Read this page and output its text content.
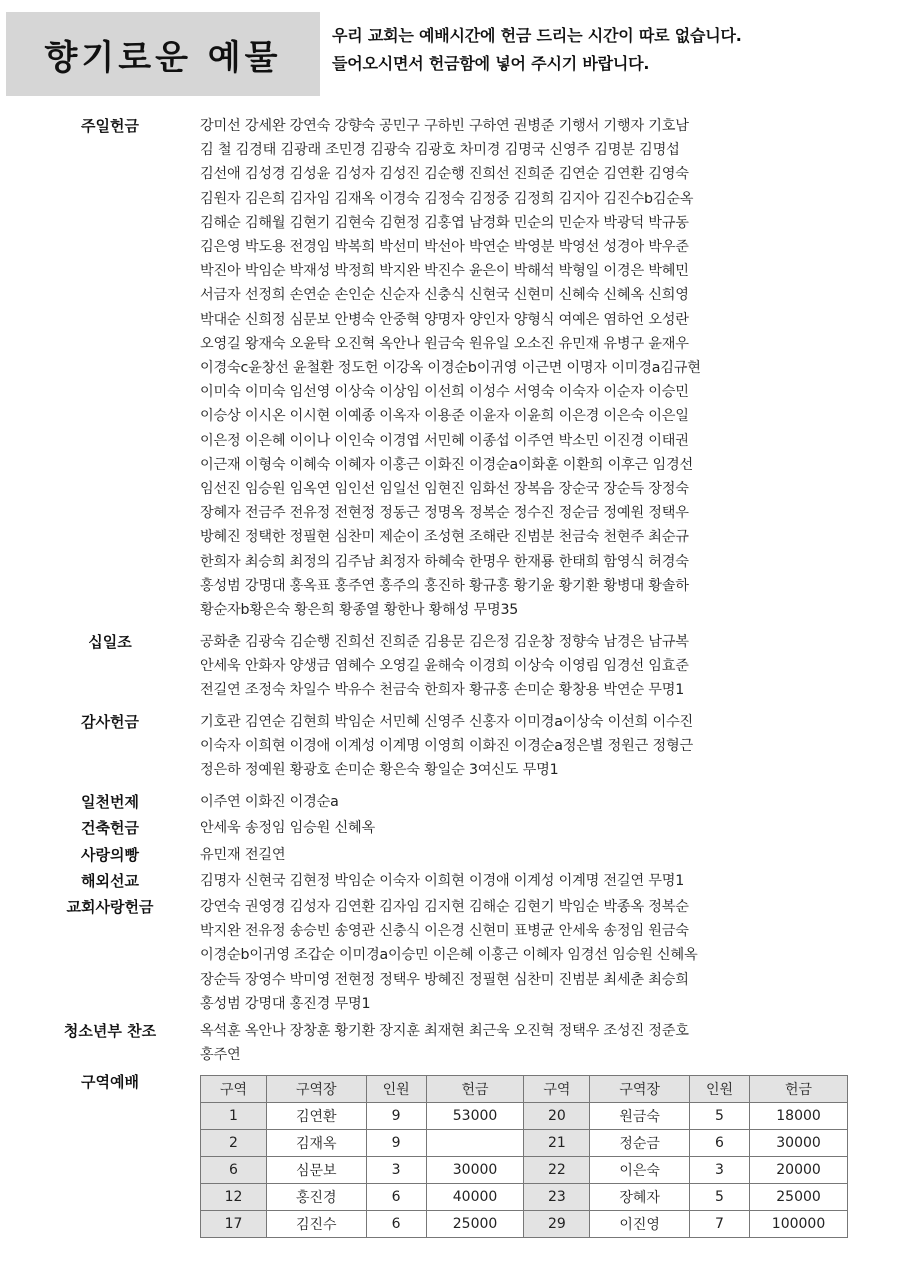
향기로운 예물
우리 교회는 예배시간에 헌금 드리는 시간이 따로 없습니다.
들어오시면서 헌금함에 넣어 주시기 바랍니다.
주일헌금	강미선 강세완 강연숙 강향숙 공민구 구하빈 구하연 권병준 기행서 기행자 기호남
김 철 김경태 김광래 조민경 김광숙 김광호 차미경 김명국 신영주 김명분 김명섭
김선애 김성경 김성윤 김성자 김성진 김순행 진희선 진희준 김연순 김연환 김영숙
김원자 김은희 김자임 김재옥 이경숙 김정숙 김정중 김정희 김지아 김진수b김순옥
김해순 김해월 김현기 김현숙 김현정 김홍엽 남경화 민순의 민순자 박광덕 박규동
김은영 박도용 전경임 박복희 박선미 박선아 박연순 박영분 박영선 성경아 박우준
박진아 박임순 박재성 박정희 박지완 박진수 윤은이 박해석 박형일 이경은 박혜민
서금자 선정희 손연순 손인순 신순자 신충식 신현국 신현미 신혜숙 신혜옥 신희영
박대순 신희정 심문보 안병숙 안중혁 양명자 양인자 양형식 여예은 염하언 오성란
오영길 왕재숙 오윤탁 오진혁 옥안나 원금숙 원유일 오소진 유민재 유병구 윤재우
이경숙c윤창선 윤철환 정도헌 이강옥 이경순b이귀영 이근면 이명자 이미경a김규현
이미숙 이미숙 임선영 이상숙 이상임 이선희 이성수 서영숙 이숙자 이순자 이승민
이승상 이시온 이시현 이예종 이옥자 이용준 이윤자 이윤희 이은경 이은숙 이은일
이은정 이은혜 이이나 이인숙 이경엽 서민혜 이종섭 이주연 박소민 이진경 이태권
이근재 이형숙 이혜숙 이혜자 이홍근 이화진 이경순a이화훈 이환희 이후근 임경선
임선진 임승원 임옥연 임인선 임일선 임현진 임화선 장복음 장순국 장순득 장정숙
장혜자 전금주 전유정 전현정 정동근 정명옥 정복순 정수진 정순금 정예원 정택우
방혜진 정택한 정필현 심찬미 제순이 조성현 조해란 진범분 천금숙 천현주 최순규
한희자 최승희 최정의 김주남 최정자 하혜숙 한명우 한재룡 한태희 함영식 허경숙
홍성범 강명대 홍옥표 홍주연 홍주의 홍진하 황규홍 황기윤 황기환 황병대 황솔하
황순자b황은숙 황은희 황종열 황한나 황해성 무명35
십일조	공화춘 김광숙 김순행 진희선 진희준 김용문 김은정 김운창 정향숙 남경은 남규복
안세욱 안화자 양생금 염혜수 오영길 윤해숙 이경희 이상숙 이영림 임경선 임효준
전길연 조정숙 차일수 박유수 천금숙 한희자 황규홍 손미순 황창용 박연순 무명1
감사헌금	기호관 김연순 김현희 박임순 서민혜 신영주 신홍자 이미경a이상숙 이선희 이수진
이숙자 이희현 이경애 이계성 이계명 이영희 이화진 이경순a정은별 정원근 정형근
정은하 정예원 황광호 손미순 황은숙 황일순 3여신도 무명1
일천번제	이주연 이화진 이경순a
건축헌금	안세욱 송정임 임승원 신혜옥
사랑의빵	유민재 전길연
해외선교	김명자 신현국 김현정 박임순 이숙자 이희현 이경애 이계성 이계명 전길연 무명1
교회사랑헌금	강연숙 권영경 김성자 김연환 김자임 김지현 김해순 김현기 박임순 박종옥 정복순
박지완 전유정 송승빈 송영관 신충식 이은경 신현미 표병균 안세욱 송정임 원금숙
이경순b이귀영 조갑순 이미경a이승민 이은혜 이홍근 이혜자 임경선 임승원 신혜옥
장순득 장영수 박미영 전현정 정택우 방혜진 정필현 심찬미 진범분 최세춘 최승희
홍성범 강명대 홍진경 무명1
청소년부 찬조	옥석훈 옥안나 장창훈 황기환 장지훈 최재현 최근욱 오진혁 정택우 조성진 정준호
홍주연
구역예배	구역	구역장	인원	헌금	구역	구역장	인원	헌금
1	김연환	9	53000	20	원금숙	5	18000
2	김재옥	9		21	정순금	6	30000
6	심문보	3	30000	22	이은숙	3	20000
12	홍진경	6	40000	23	장혜자	5	25000
17	김진수	6	25000	29	이진영	7	100000
